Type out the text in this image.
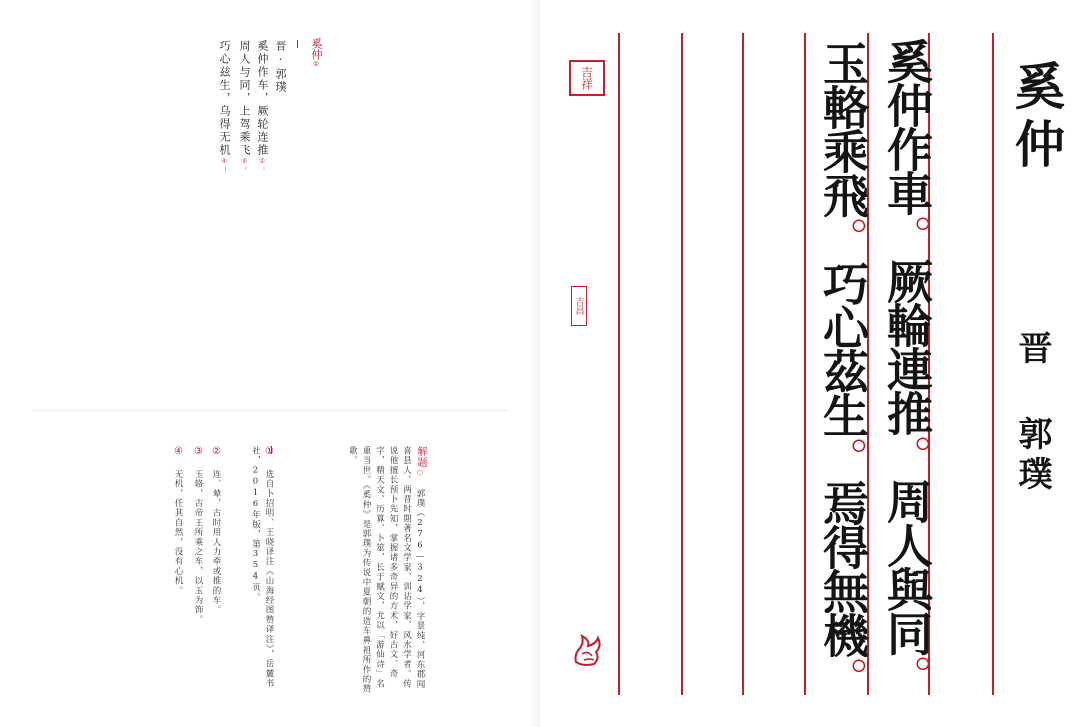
奚仲①
晋·郭璞
奚仲作车，厥轮连推②。
周人与同，上驾乘飞③。
巧心兹生，乌得无机④！
解题○ 郭璞（276—324），字景纯，河东郡闻喜县人。两晋时期著名文学家、训诂学家、风水学者。传说他擅长预卜先知，掌握诸多奇异的方术，好古文、奇字，精天文、历算、卜筮，长于赋文，尤以「游仙诗」名重当世。《奚仲》是郭璞为传说中夏朝的造车鼻祖所作的赞歌。
① 选自卜招明、王晓译注《山海经图赞译注》，岳麓书社，2016年版，第354页。
② 连、辇，古时用人力牵或推的车。
③ 玉辂，古帝王所乘之车，以玉为饰。
④ 无机，任其自然，没有心机。
吉祥
吉昌
奚仲
晋 郭璞
奚仲作車。厥輪連推。周人與同。
玉輅乘飛。巧心茲生。焉得無機。
